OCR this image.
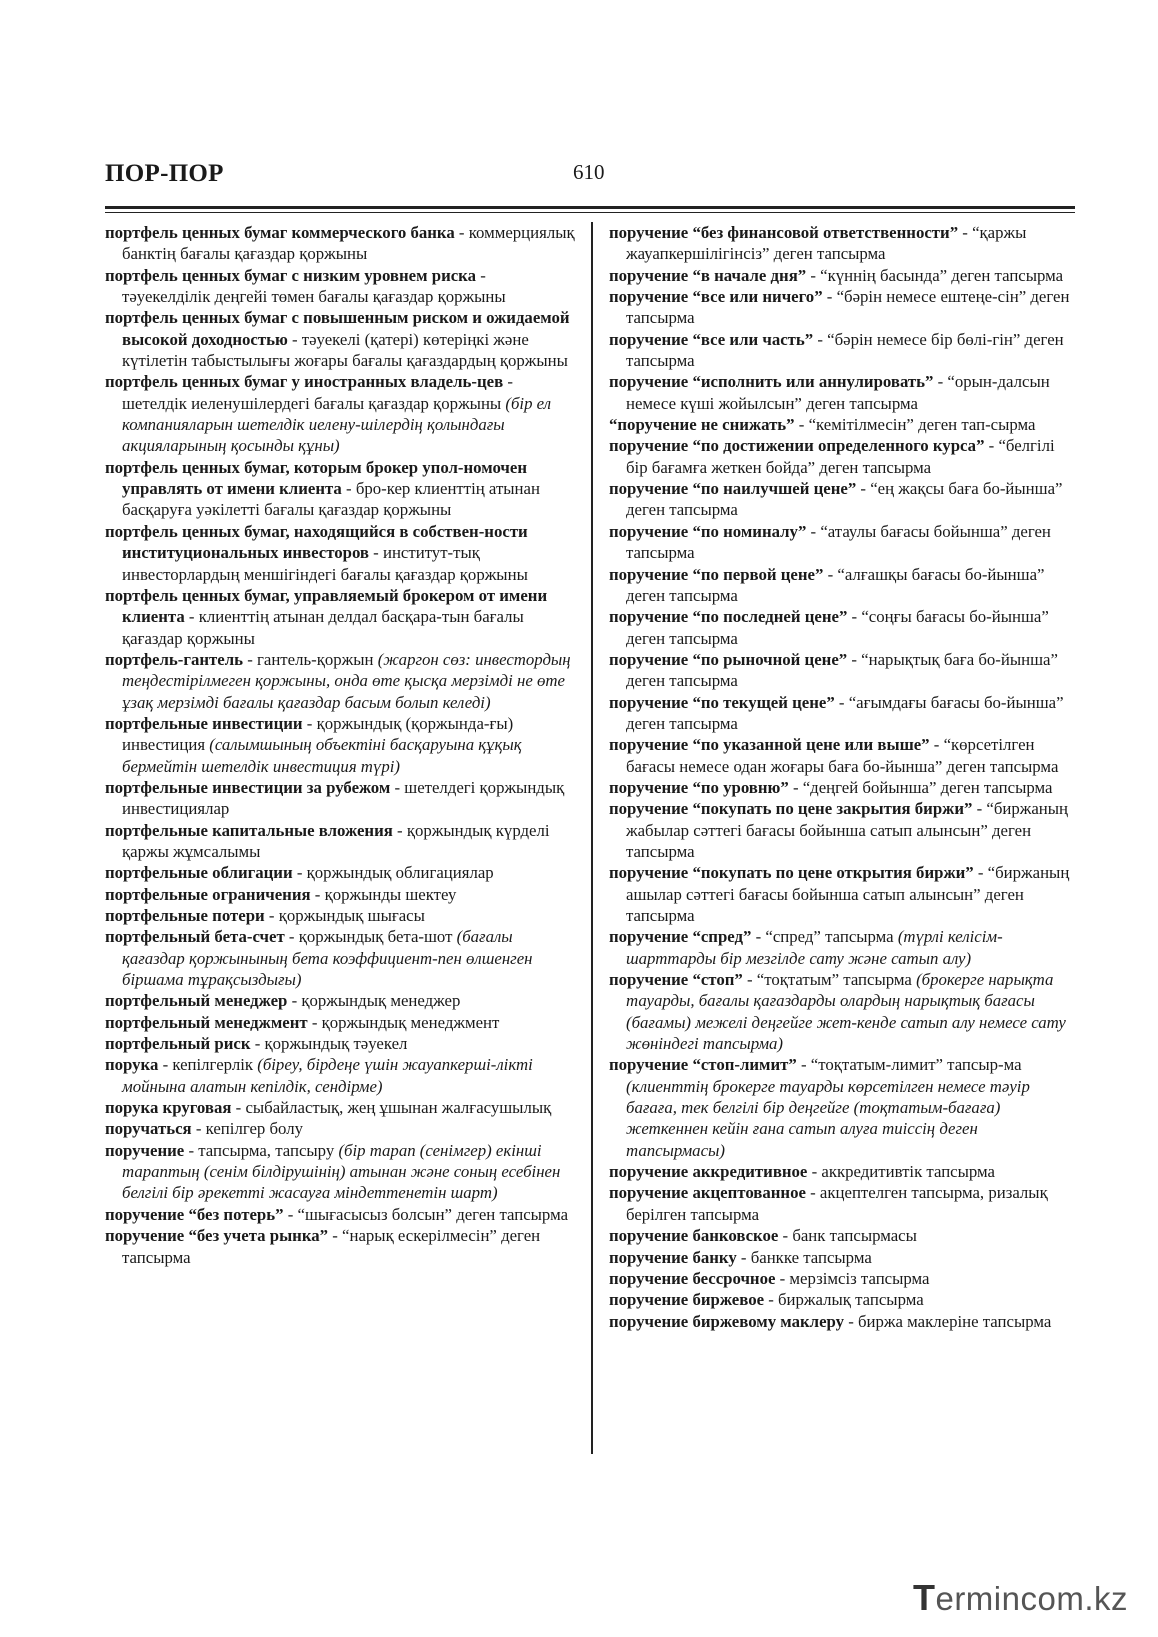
ПОР-ПОР	610

портфель ценных бумаг коммерческого банка - коммерциялық банктің бағалы қағаздар қоржыны

портфель ценных бумаг с низким уровнем риска - тәуекелділік деңгейі төмен бағалы қағаздар қоржыны

портфель ценных бумаг с повышенным риском и ожидаемой высокой доходностью - тәуекелі (қатері) көтеріңкі және күтілетін табыстылығы жоғары бағалы қағаздардың қоржыны

портфель ценных бумаг у иностранных владель-цев - шетелдік иеленушілердегі бағалы қағаздар қоржыны (бір ел компанияларын шетелдік иелену-шілердің қолындағы акцияларының қосынды құны)

портфель ценных бумаг, которым брокер упол-номочен управлять от имени клиента - бро-кер клиенттің атынан басқаруға уәкілетті бағалы қағаздар қоржыны

портфель ценных бумаг, находящийся в собствен-ности институциональных инвесторов - институт-тық инвесторлардың меншігіндегі бағалы қағаздар қоржыны

портфель ценных бумаг, управляемый брокером от имени клиента - клиенттің атынан делдал басқара-тын бағалы қағаздар қоржыны

портфель-гантель - гантель-қоржын (жаргон сөз: инвестордың теңдестірілмеген қоржыны, онда өте қысқа мерзімді не өте ұзақ мерзімді бағалы қағаздар басым болып келеді)

портфельные инвестиции - қоржындық (қоржында-ғы) инвестиция (салымшының объектіні басқаруына құқық бермейтін шетелдік инвестиция түрі)

портфельные инвестиции за рубежом - шетелдегі қоржындық инвестициялар

портфельные капитальные вложения - қоржындық күрделі қаржы жұмсалымы

портфельные облигации - қоржындық облигациялар

портфельные ограничения - қоржынды шектеу

портфельные потери - қоржындық шығасы

портфельный бета-счет - қоржындық бета-шот (бағалы қағаздар қоржынының бета коэффициент-пен өлшенген біршама тұрақсыздығы)

портфельный менеджер - қоржындық менеджер

портфельный менеджмент - қоржындық менеджмент

портфельный риск - қоржындық тәуекел

порука - кепілгерлік (біреу, бірдеңе үшін жауапкерші-лікті мойнына алатын кепілдік, сендірме)

порука круговая - сыбайластық, жең ұшынан жалғасушылық

поручаться - кепілгер болу

поручение - тапсырма, тапсыру (бір тарап (сенімгер) екінші тараптың (сенім білдірушінің) атынан және соның есебінен белгілі бір әрекетті жасауға міндеттенетін шарт)

поручение “без потерь” - “шығасысыз болсын” деген тапсырма

поручение “без учета рынка” - “нарық ескерілмесін” деген тапсырма

поручение “без финансовой ответственности” - “қаржы жауапкершілігінсіз” деген тапсырма

поручение “в начале дня” - “күннің басында” деген тапсырма

поручение “все или ничего” - “бәрін немесе ештеңе-сін” деген тапсырма

поручение “все или часть” - “бәрін немесе бір бөлі-гін” деген тапсырма

поручение “исполнить или аннулировать” - “орын-далсын немесе күші жойылсын” деген тапсырма

“поручение не снижать” - “кемітілмесін” деген тап-сырма

поручение “по достижении определенного курса” - “белгілі бір бағамға жеткен бойда” деген тапсырма

поручение “по наилучшей цене” - “ең жақсы баға бо-йынша” деген тапсырма

поручение “по номиналу” - “атаулы бағасы бойынша” деген тапсырма

поручение “по первой цене” - “алғашқы бағасы бо-йынша” деген тапсырма

поручение “по последней цене” - “соңғы бағасы бо-йынша” деген тапсырма

поручение “по рыночной цене” - “нарықтық баға бо-йынша” деген тапсырма

поручение “по текущей цене” - “ағымдағы бағасы бо-йынша” деген тапсырма

поручение “по указанной цене или выше” - “көрсетілген бағасы немесе одан жоғары баға бо-йынша” деген тапсырма

поручение “по уровню” - “деңгей бойынша” деген тапсырма

поручение “покупать по цене закрытия биржи” - “биржаның жабылар сәттегі бағасы бойынша сатып алынсын” деген тапсырма

поручение “покупать по цене открытия биржи” - “биржаның ашылар сәттегі бағасы бойынша сатып алынсын” деген тапсырма

поручение “спред” - “спред” тапсырма (түрлі келісім-шарттарды бір мезгілде сату және сатып алу)

поручение “стоп” - “тоқтатым” тапсырма (брокерге нарықта тауарды, бағалы қағаздарды олардың нарықтық бағасы (бағамы) межелі деңгейге жет-кенде сатып алу немесе сату жөніндегі тапсырма)

поручение “стоп-лимит” - “тоқтатым-лимит” тапсыр-ма (клиенттің брокерге тауарды көрсетілген немесе тәуір бағаға, тек белгілі бір деңгейге (тоқтатым-бағаға) жеткеннен кейін ғана сатып алуға тиіссің деген тапсырмасы)

поручение аккредитивное - аккредитивтік тапсырма

поручение акцептованное - акцептелген тапсырма, ризалық берілген тапсырма

поручение банковское - банк тапсырмасы

поручение банку - банкке тапсырма

поручение бессрочное - мерзімсіз тапсырма

поручение биржевое - биржалық тапсырма

поручение биржевому маклеру - биржа маклеріне тапсырма

Termincom.kz
